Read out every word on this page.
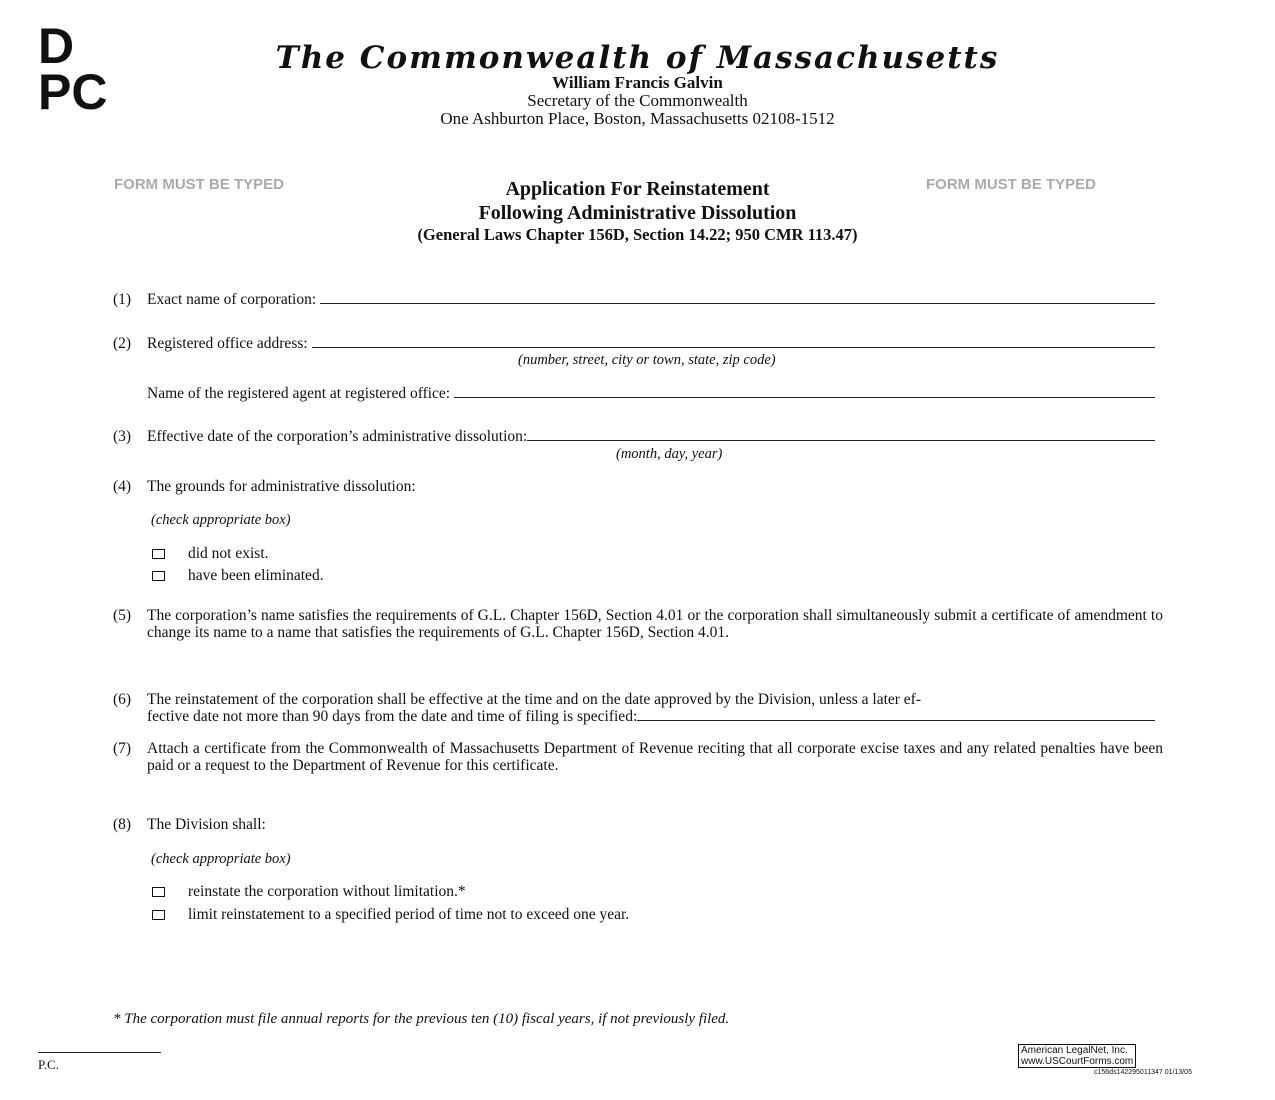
D
PC
The Commonwealth of Massachusetts
William Francis Galvin
Secretary of the Commonwealth
One Ashburton Place, Boston, Massachusetts 02108-1512
FORM MUST BE TYPED	FORM MUST BE TYPED
Application For Reinstatement
Following Administrative Dissolution
(General Laws Chapter 156D, Section 14.22; 950 CMR 113.47)
(1)	Exact name of corporation:
(2)	Registered office address:
(number, street, city or town, state, zip code)
Name of the registered agent at registered office:
(3)	Effective date of the corporation’s administrative dissolution:
(month, day, year)
(4) The grounds for administrative dissolution:
(check appropriate box)
did not exist.
have been eliminated.
(5) The corporation’s name satisfies the requirements of G.L. Chapter 156D, Section 4.01 or the corporation shall simultaneously submit a certificate of amendment to change its name to a name that satisfies the requirements of G.L. Chapter 156D, Section 4.01.
(6) The reinstatement of the corporation shall be effective at the time and on the date approved by the Division, unless a later ef-
fective date not more than 90 days from the date and time of filing is specified:
(7) Attach a certificate from the Commonwealth of Massachusetts Department of Revenue reciting that all corporate excise taxes and any related penalties have been paid or a request to the Department of Revenue for this certificate.
(8) The Division shall:
(check appropriate box)
reinstate the corporation without limitation.*
limit reinstatement to a specified period of time not to exceed one year.
* The corporation must file annual reports for the previous ten (10) fiscal years, if not previously filed.
P.C.
American LegalNet, Inc.
www.USCourtForms.com
c156ds142295011347 01/13/05
